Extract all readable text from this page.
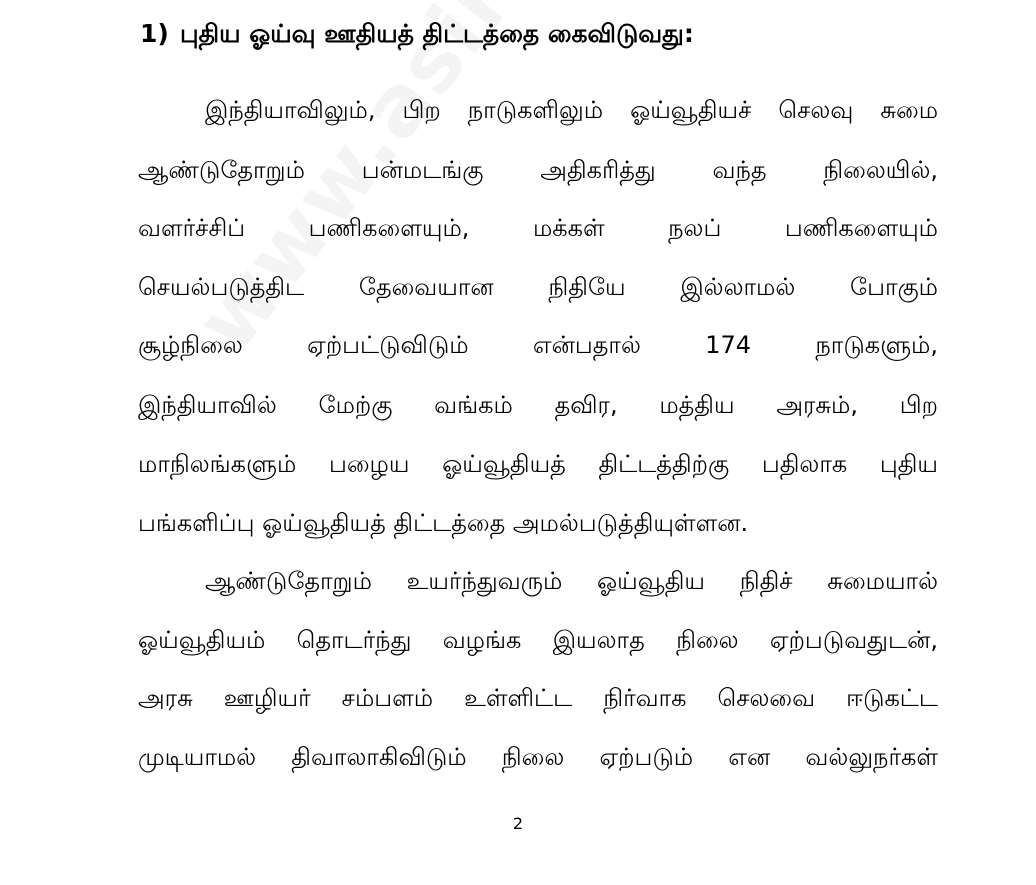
1) புதிய ஓய்வு ஊதியத் திட்டத்தை கைவிடுவது:
இந்தியாவிலும், பிற நாடுகளிலும் ஓய்வூதியச் செலவு சுமை
ஆண்டுதோறும் பன்மடங்கு அதிகரித்து வந்த நிலையில்,
வளர்ச்சிப் பணிகளையும், மக்கள் நலப் பணிகளையும்
செயல்படுத்திட தேவையான நிதியே இல்லாமல் போகும்
சூழ்நிலை ஏற்பட்டுவிடும் என்பதால் 174 நாடுகளும்,
இந்தியாவில் மேற்கு வங்கம் தவிர, மத்திய அரசும், பிற
மாநிலங்களும் பழைய ஓய்வூதியத் திட்டத்திற்கு பதிலாக புதிய
பங்களிப்பு ஓய்வூதியத் திட்டத்தை அமல்படுத்தியுள்ளன.
ஆண்டுதோறும் உயர்ந்துவரும் ஓய்வூதிய நிதிச் சுமையால்
ஓய்வூதியம் தொடர்ந்து வழங்க இயலாத நிலை ஏற்படுவதுடன்,
அரசு ஊழியர் சம்பளம் உள்ளிட்ட நிர்வாக செலவை ஈடுகட்ட
முடியாமல் திவாலாகிவிடும் நிலை ஏற்படும் என வல்லுநர்கள்
2
